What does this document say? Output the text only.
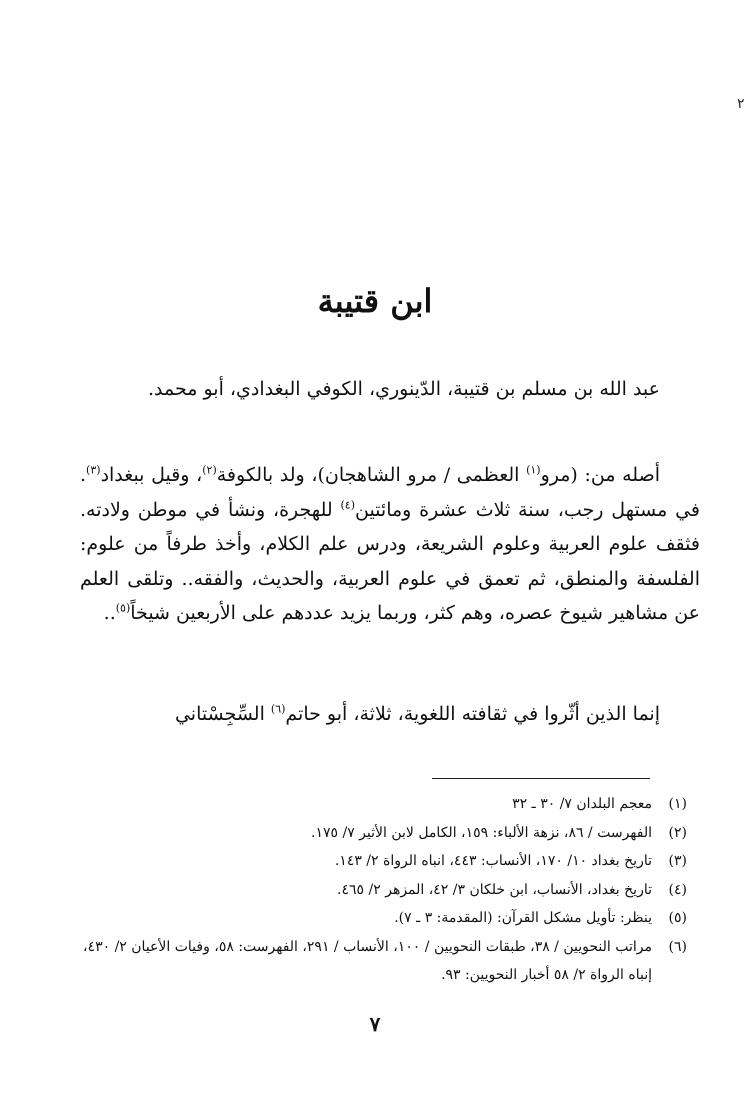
٢
ابن قتيبة

عبد الله بن مسلم بن قتيبة، الدّينوري، الكوفي البغدادي، أبو محمد.

أصله من: (مرو$^{(١)}$ العظمى / مرو الشاهجان)، ولد بالكوفة$^{(٢)}$، وقيل ببغداد$^{(٣)}$. في مستهل رجب، سنة ثلاث عشرة ومائتين$^{(٤)}$ للهجرة، ونشأ في موطن ولادته. فثقف علوم العربية وعلوم الشريعة، ودرس علم الكلام، وأخذ طرفاً من علوم: الفلسفة والمنطق، ثم تعمق في علوم العربية، والحديث، والفقه.. وتلقى العلم عن مشاهير شيوخ عصره، وهم كثر، وربما يزيد عددهم على الأربعين شيخاً$^{(٥)}$..

إنما الذين أثّروا في ثقافته اللغوية، ثلاثة، أبو حاتم$^{(٦)}$ السِّجِسْتاني

(١)
معجم البلدان ٧/ ٣٠ ـ ٣٢
(٢)
الفهرست / ٨٦، نزهة الألباء: ١٥٩، الكامل لابن الأثير ٧/ ١٧٥.
(٣)
تاريخ بغداد ١٠/ ١٧٠، الأنساب: ٤٤٣، انباه الرواة ٢/ ١٤٣.
(٤)
تاريخ بغداد، الأنساب، ابن خلكان ٣/ ٤٢، المزهر ٢/ ٤٦٥.
(٥)
ينظر: تأويل مشكل القرآن: (المقدمة: ٣ ـ ٧).
(٦)
مراتب النحويين / ٣٨، طبقات النحويين / ١٠٠، الأنساب / ٢٩١، الفهرست: ٥٨، وفيات الأعيان ٢/ ٤٣٠، إنباه الرواة ٢/ ٥٨ أخبار النحويين: ٩٣.
٧
